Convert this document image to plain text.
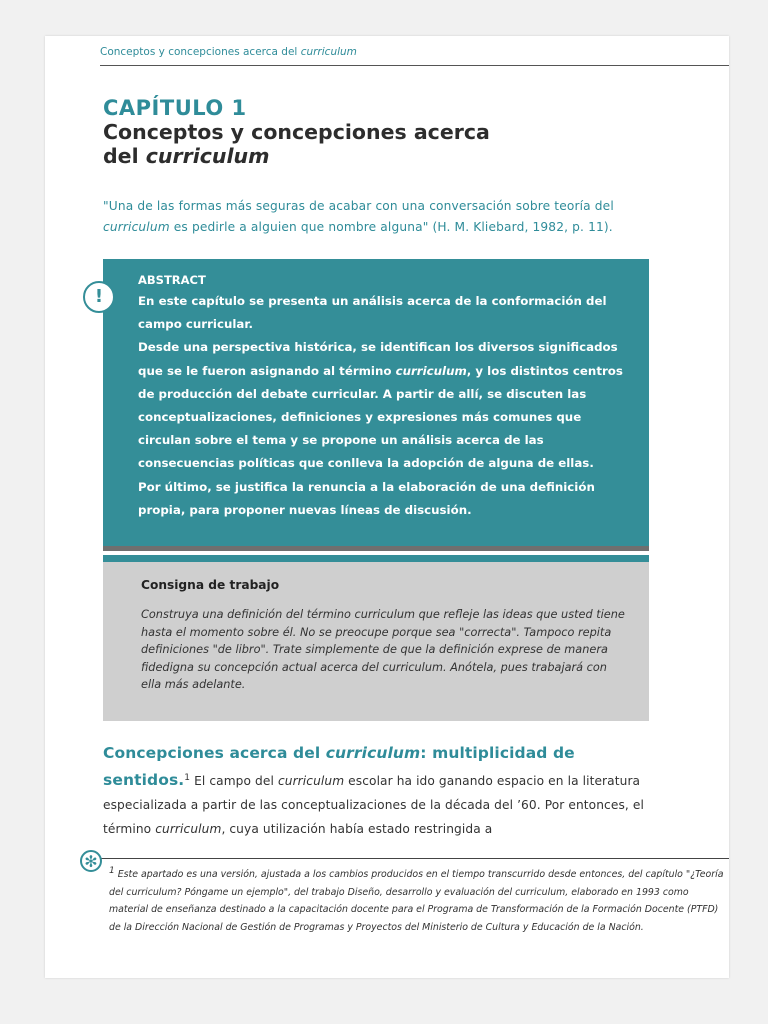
Conceptos y concepciones acerca del curriculum
CAPÍTULO 1
Conceptos y concepciones acerca
del curriculum
"Una de las formas más seguras de acabar con una conversación sobre teoría del curriculum es pedirle a alguien que nombre alguna" (H. M. Kliebard, 1982, p. 11).
ABSTRACT
En este capítulo se presenta un análisis acerca de la conformación del campo curricular.
Desde una perspectiva histórica, se identifican los diversos significados que se le fueron asignando al término curriculum, y los distintos centros de producción del debate curricular. A partir de allí, se discuten las conceptualizaciones, definiciones y expresiones más comunes que circulan sobre el tema y se propone un análisis acerca de las consecuencias políticas que conlleva la adopción de alguna de ellas.
Por último, se justifica la renuncia a la elaboración de una definición propia, para proponer nuevas líneas de discusión.
!
Consigna de trabajo
Construya una definición del término curriculum que refleje las ideas que usted tiene hasta el momento sobre él. No se preocupe porque sea "correcta". Tampoco repita definiciones "de libro". Trate simplemente de que la definición exprese de manera fidedigna su concepción actual acerca del curriculum. Anótela, pues trabajará con ella más adelante.
Concepciones acerca del curriculum: multiplicidad de sentidos.$^1$ El campo del curriculum escolar ha ido ganando espacio en la literatura especializada a partir de las conceptualizaciones de la década del ’60. Por entonces, el término curriculum, cuya utilización había estado restringida a
✻	$^1$ Este apartado es una versión, ajustada a los cambios producidos en el tiempo transcurrido desde entonces, del capítulo "¿Teoría del curriculum? Póngame un ejemplo", del trabajo Diseño, desarrollo y evaluación del curriculum, elaborado en 1993 como material de enseñanza destinado a la capacitación docente para el Programa de Transformación de la Formación Docente (PTFD) de la Dirección Nacional de Gestión de Programas y Proyectos del Ministerio de Cultura y Educación de la Nación.
